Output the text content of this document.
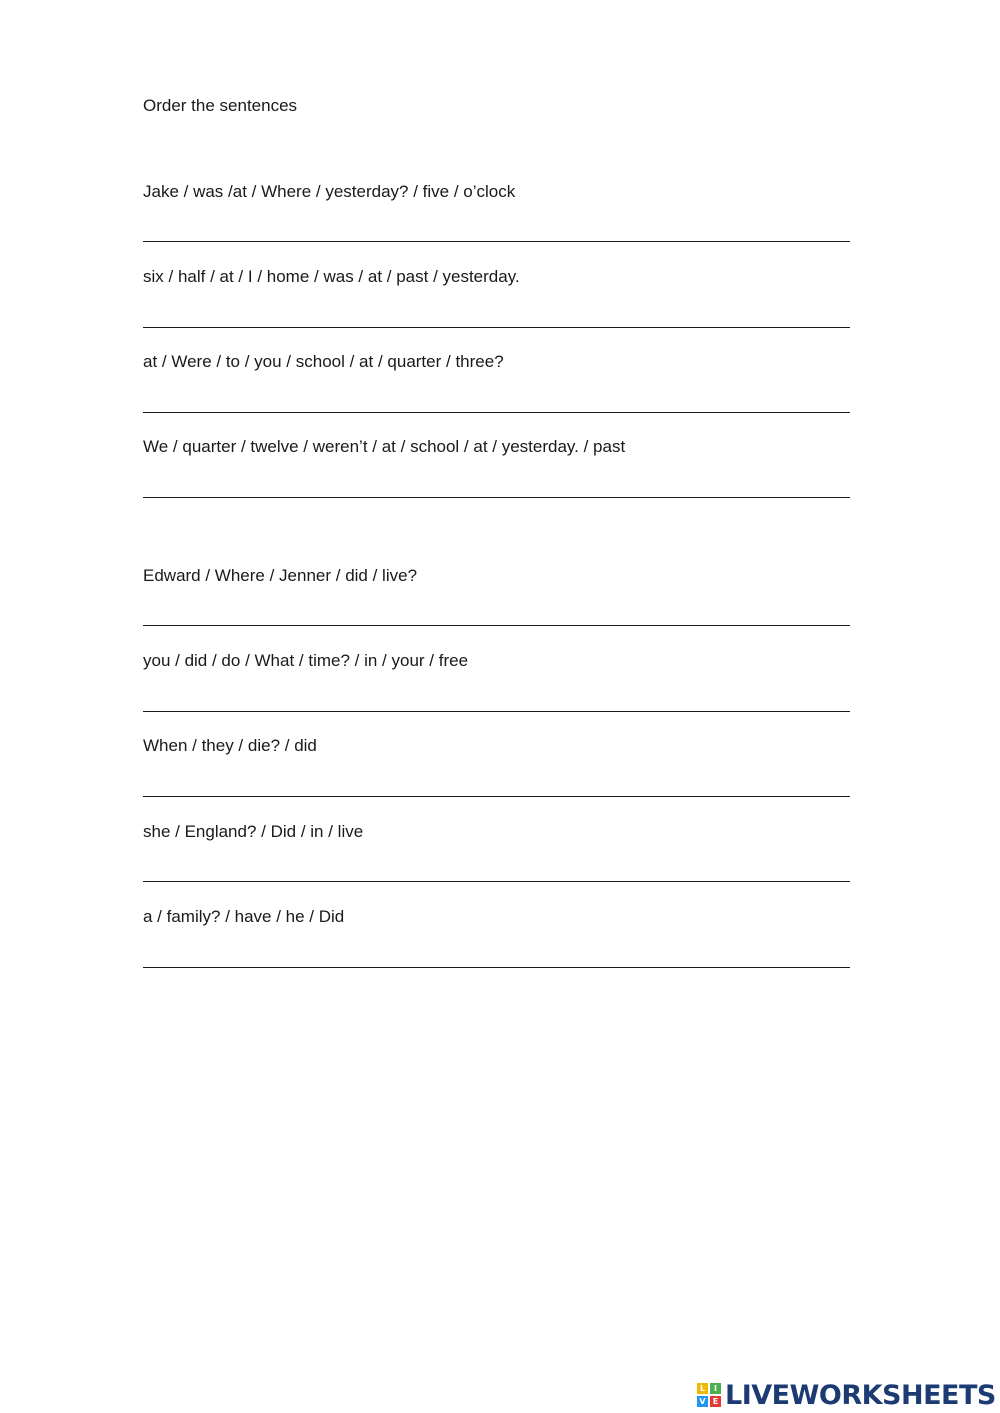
Order the sentences
Jake / was /at / Where / yesterday? / five / o’clock
six / half / at / I / home / was / at / past / yesterday.
at / Were / to / you / school / at / quarter / three?
We / quarter / twelve / weren’t / at / school / at / yesterday. / past
Edward / Where / Jenner / did / live?
you / did / do / What / time? / in / your / free
When / they / die? / did
she / England? / Did / in / live
a / family? / have / he / Did
L	I
V E LIVEWORKSHEETS
